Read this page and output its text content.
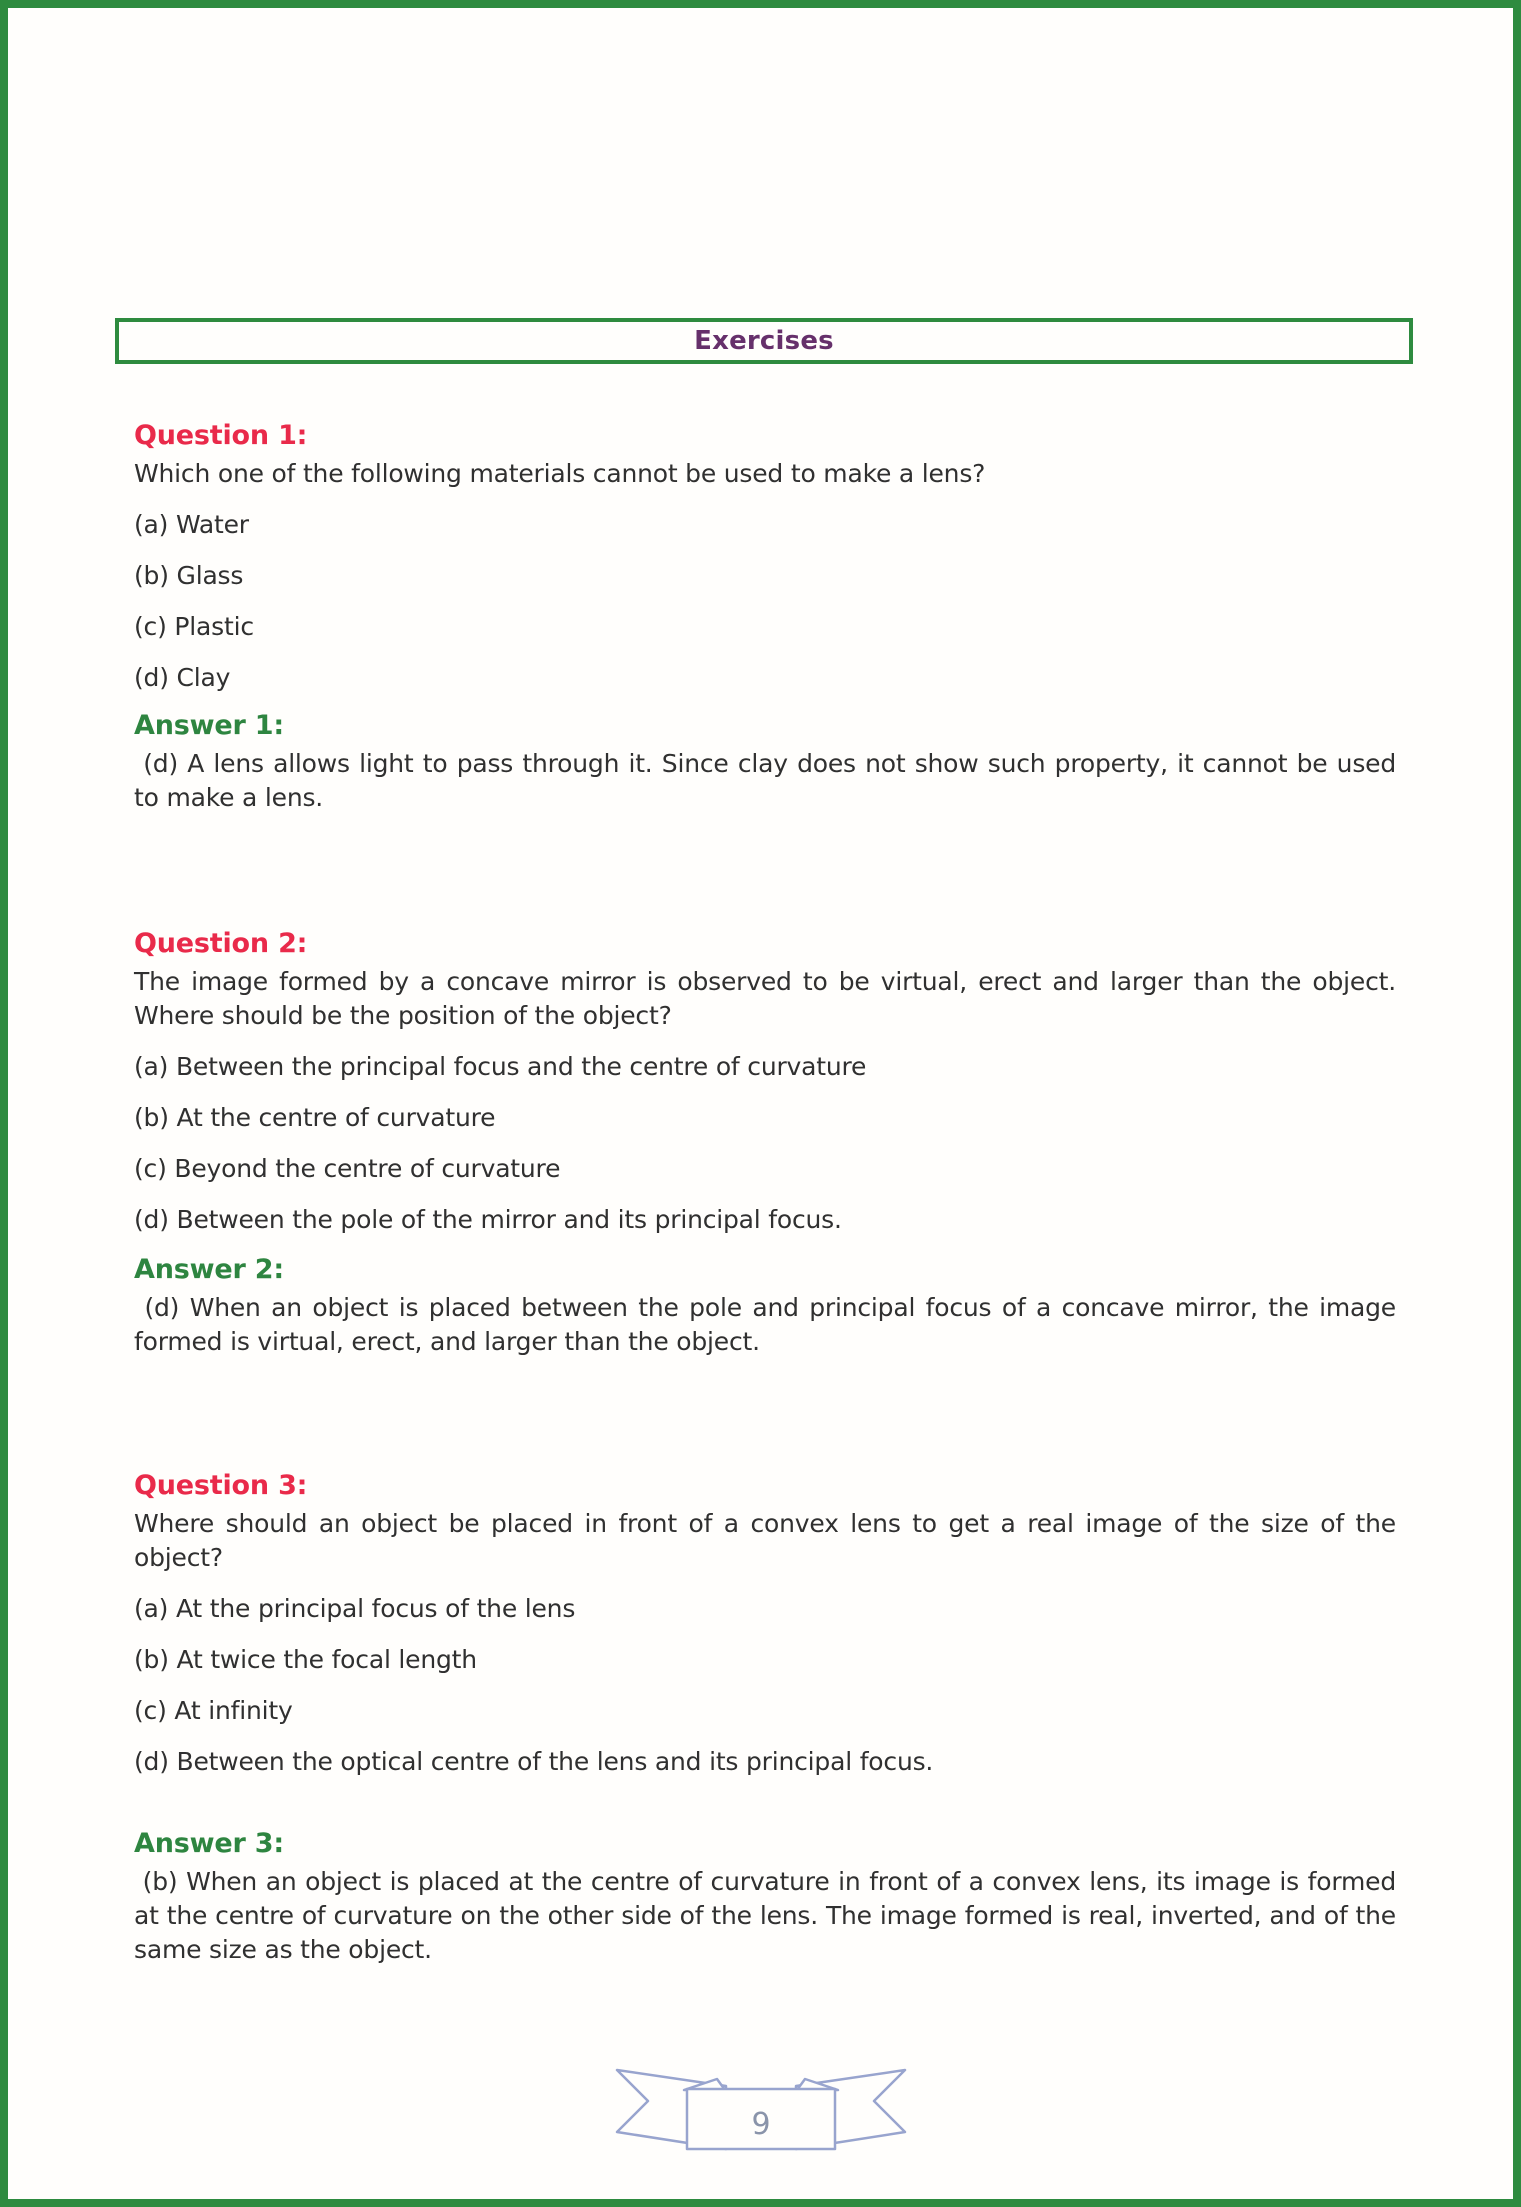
Exercises
Question 1:
Which one of the following materials cannot be used to make a lens?
(a) Water
(b) Glass
(c) Plastic
(d) Clay
Answer 1:
(d) A lens allows light to pass through it. Since clay does not show such property, it cannot be used to make a lens.
Question 2:
The image formed by a concave mirror is observed to be virtual, erect and larger than the object. Where should be the position of the object?
(a) Between the principal focus and the centre of curvature
(b) At the centre of curvature
(c) Beyond the centre of curvature
(d) Between the pole of the mirror and its principal focus.
Answer 2:
(d) When an object is placed between the pole and principal focus of a concave mirror, the image formed is virtual, erect, and larger than the object.
Question 3:
Where should an object be placed in front of a convex lens to get a real image of the size of the object?
(a) At the principal focus of the lens
(b) At twice the focal length
(c) At infinity
(d) Between the optical centre of the lens and its principal focus.
Answer 3:
(b) When an object is placed at the centre of curvature in front of a convex lens, its image is formed at the centre of curvature on the other side of the lens. The image formed is real, inverted, and of the same size as the object.
9
